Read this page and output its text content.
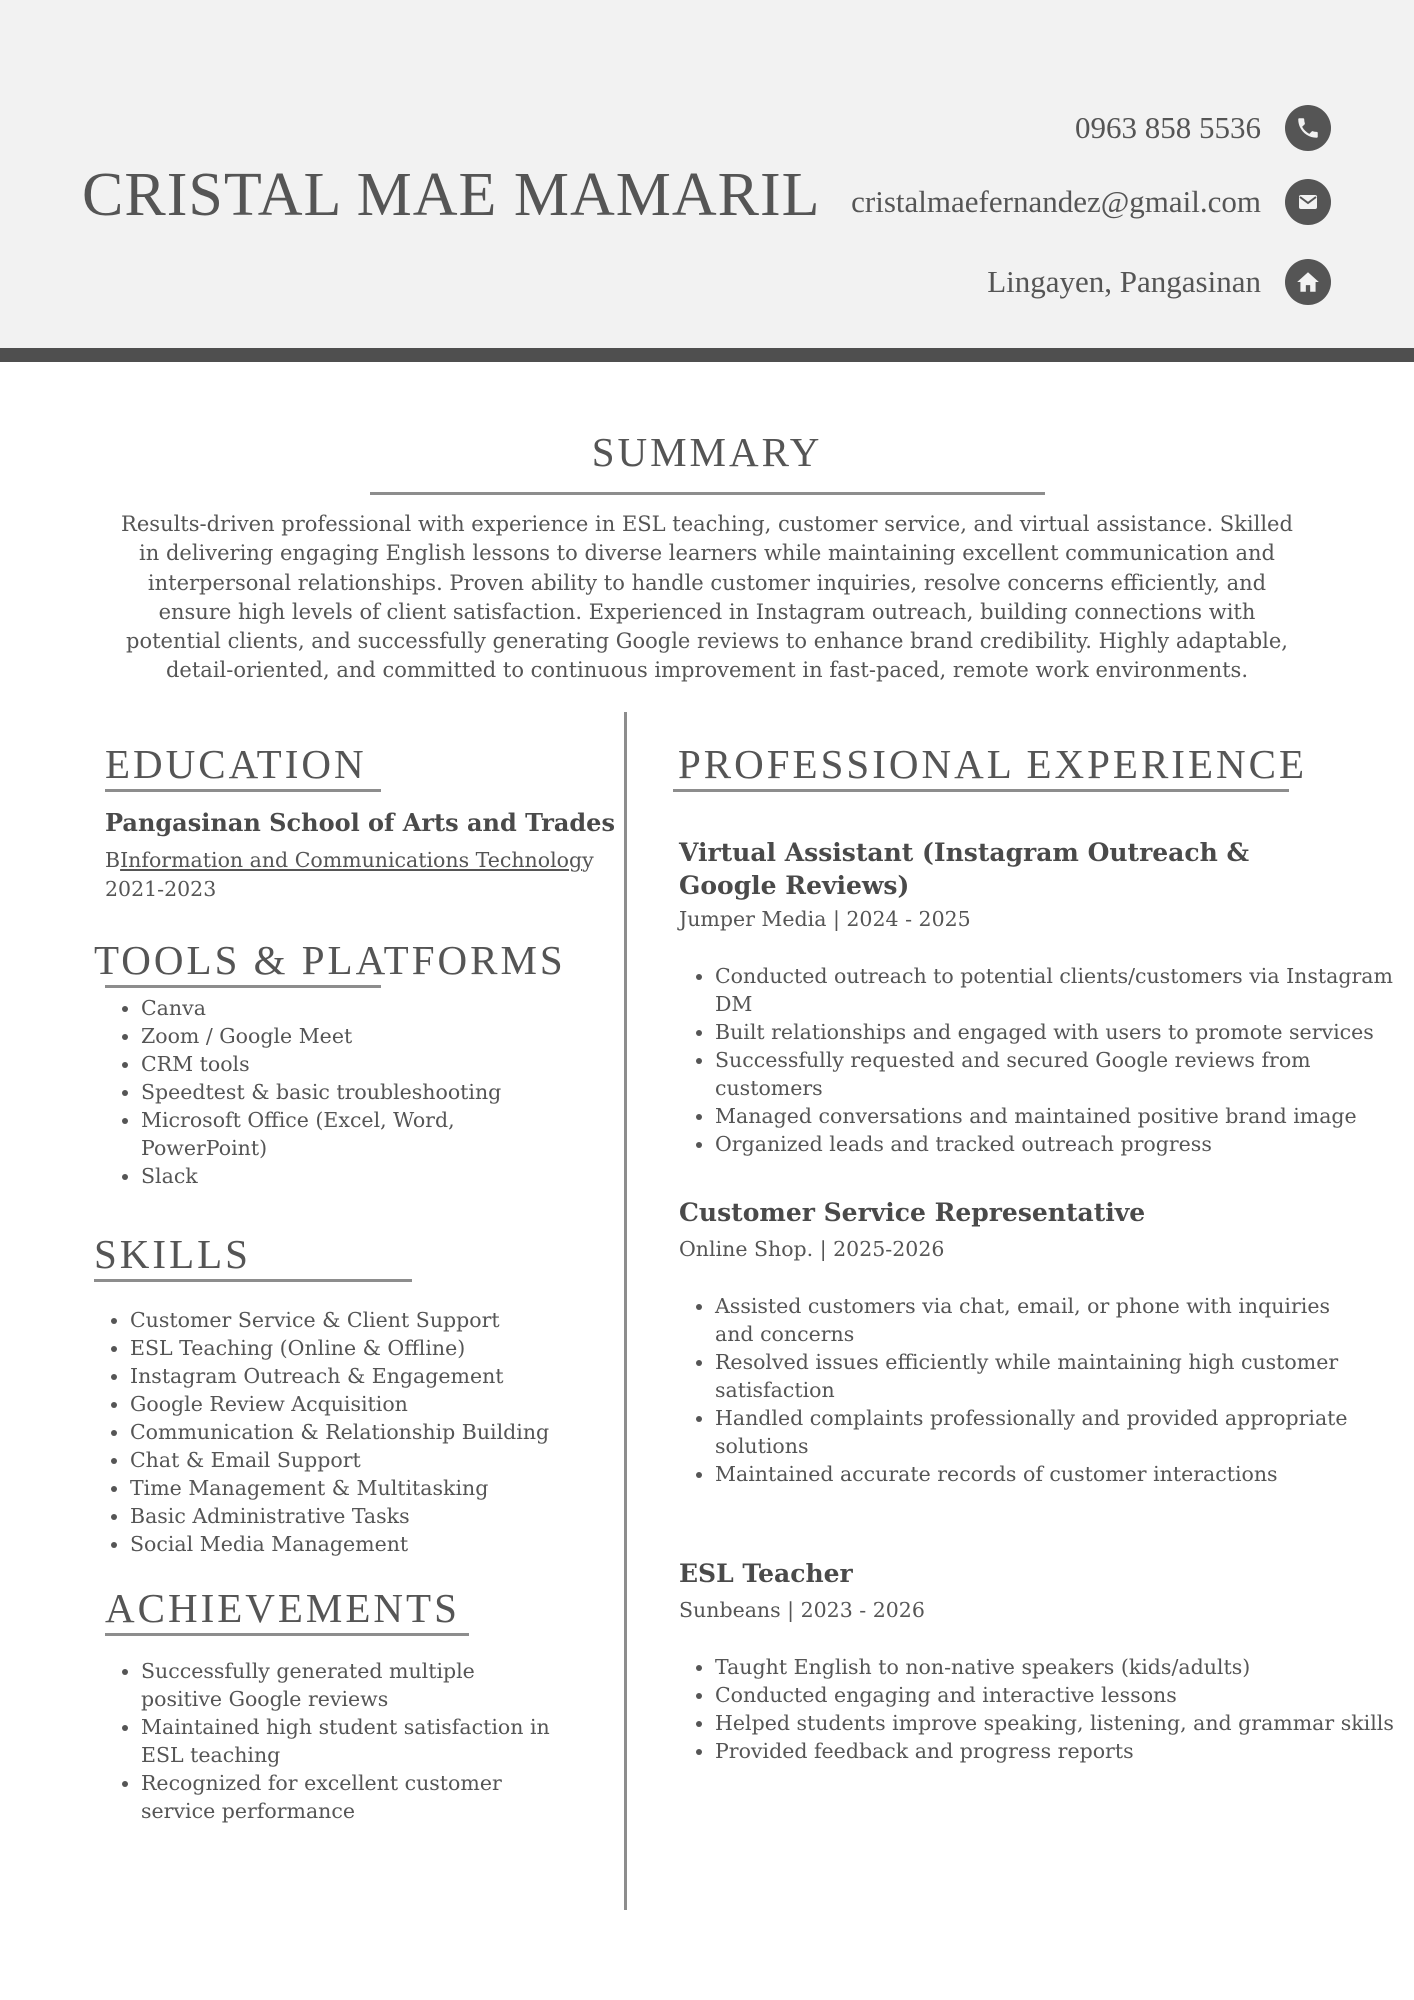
CRISTAL MAE MAMARIL
0963 858 5536
cristalmaefernandez@gmail.com
Lingayen, Pangasinan
SUMMARY
Results-driven professional with experience in ESL teaching, customer service, and virtual assistance. Skilled in delivering engaging English lessons to diverse learners while maintaining excellent communication and interpersonal relationships. Proven ability to handle customer inquiries, resolve concerns efficiently, and ensure high levels of client satisfaction. Experienced in Instagram outreach, building connections with potential clients, and successfully generating Google reviews to enhance brand credibility. Highly adaptable, detail-oriented, and committed to continuous improvement in fast-paced, remote work environments.
EDUCATION
Pangasinan School of Arts and Trades
BInformation and Communications Technology
2021-2023
TOOLS & PLATFORMS
• Canva
• Zoom / Google Meet
• CRM tools
• Speedtest & basic troubleshooting
• Microsoft Office (Excel, Word, PowerPoint)
• Slack
SKILLS
• Customer Service & Client Support
• ESL Teaching (Online & Offline)
• Instagram Outreach & Engagement
• Google Review Acquisition
• Communication & Relationship Building
• Chat & Email Support
• Time Management & Multitasking
• Basic Administrative Tasks
• Social Media Management
ACHIEVEMENTS
• Successfully generated multiple positive Google reviews
• Maintained high student satisfaction in ESL teaching
• Recognized for excellent customer service performance
PROFESSIONAL EXPERIENCE
Virtual Assistant (Instagram Outreach & Google Reviews)
Jumper Media | 2024 - 2025
• Conducted outreach to potential clients/customers via Instagram DM
• Built relationships and engaged with users to promote services
• Successfully requested and secured Google reviews from customers
• Managed conversations and maintained positive brand image
• Organized leads and tracked outreach progress
Customer Service Representative
Online Shop. | 2025-2026
• Assisted customers via chat, email, or phone with inquiries and concerns
• Resolved issues efficiently while maintaining high customer satisfaction
• Handled complaints professionally and provided appropriate solutions
• Maintained accurate records of customer interactions
ESL Teacher
Sunbeans | 2023 - 2026
• Taught English to non-native speakers (kids/adults)
• Conducted engaging and interactive lessons
• Helped students improve speaking, listening, and grammar skills
• Provided feedback and progress reports
